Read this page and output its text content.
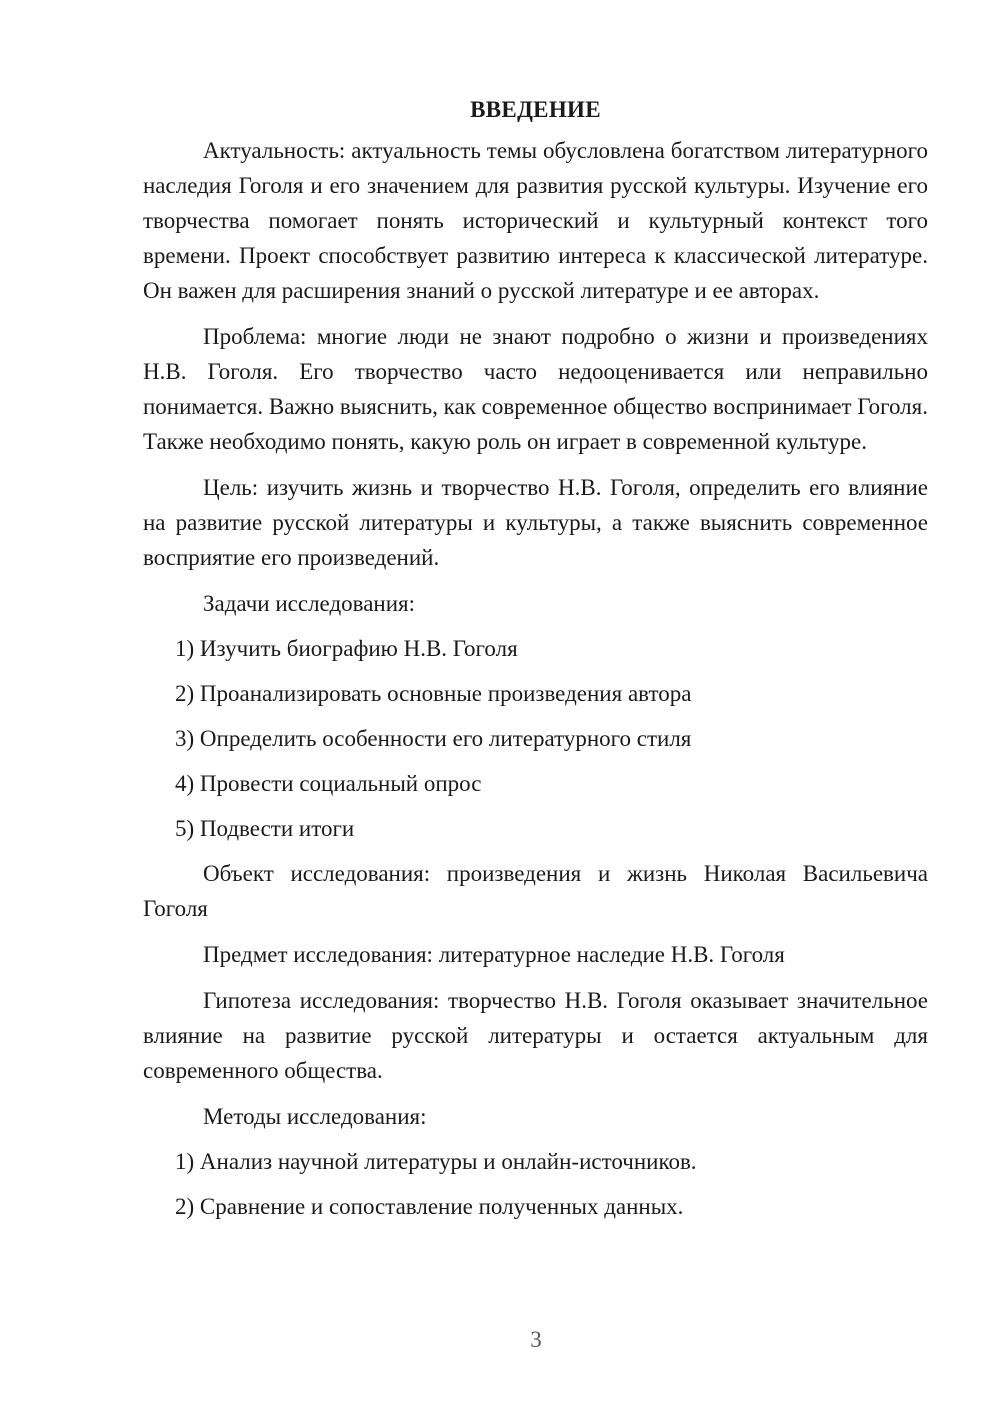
ВВЕДЕНИЕ

Актуальность: актуальность темы обусловлена богатством литературного наследия Гоголя и его значением для развития русской культуры. Изучение его творчества помогает понять исторический и культурный контекст того времени. Проект способствует развитию интереса к классической литературе. Он важен для расширения знаний о русской литературе и ее авторах.

Проблема: многие люди не знают подробно о жизни и произведениях Н.В. Гоголя. Его творчество часто недооценивается или неправильно понимается. Важно выяснить, как современное общество воспринимает Гоголя. Также необходимо понять, какую роль он играет в современной культуре.

Цель: изучить жизнь и творчество Н.В. Гоголя, определить его влияние на развитие русской литературы и культуры, а также выяснить современное восприятие его произведений.

Задачи исследования:
1) Изучить биографию Н.В. Гоголя
2) Проанализировать основные произведения автора
3) Определить особенности его литературного стиля
4) Провести социальный опрос
5) Подвести итоги

Объект исследования: произведения и жизнь Николая Васильевича Гоголя

Предмет исследования: литературное наследие Н.В. Гоголя

Гипотеза исследования: творчество Н.В. Гоголя оказывает значительное влияние на развитие русской литературы и остается актуальным для современного общества.

Методы исследования:
1) Анализ научной литературы и онлайн-источников.
2) Сравнение и сопоставление полученных данных.
3
